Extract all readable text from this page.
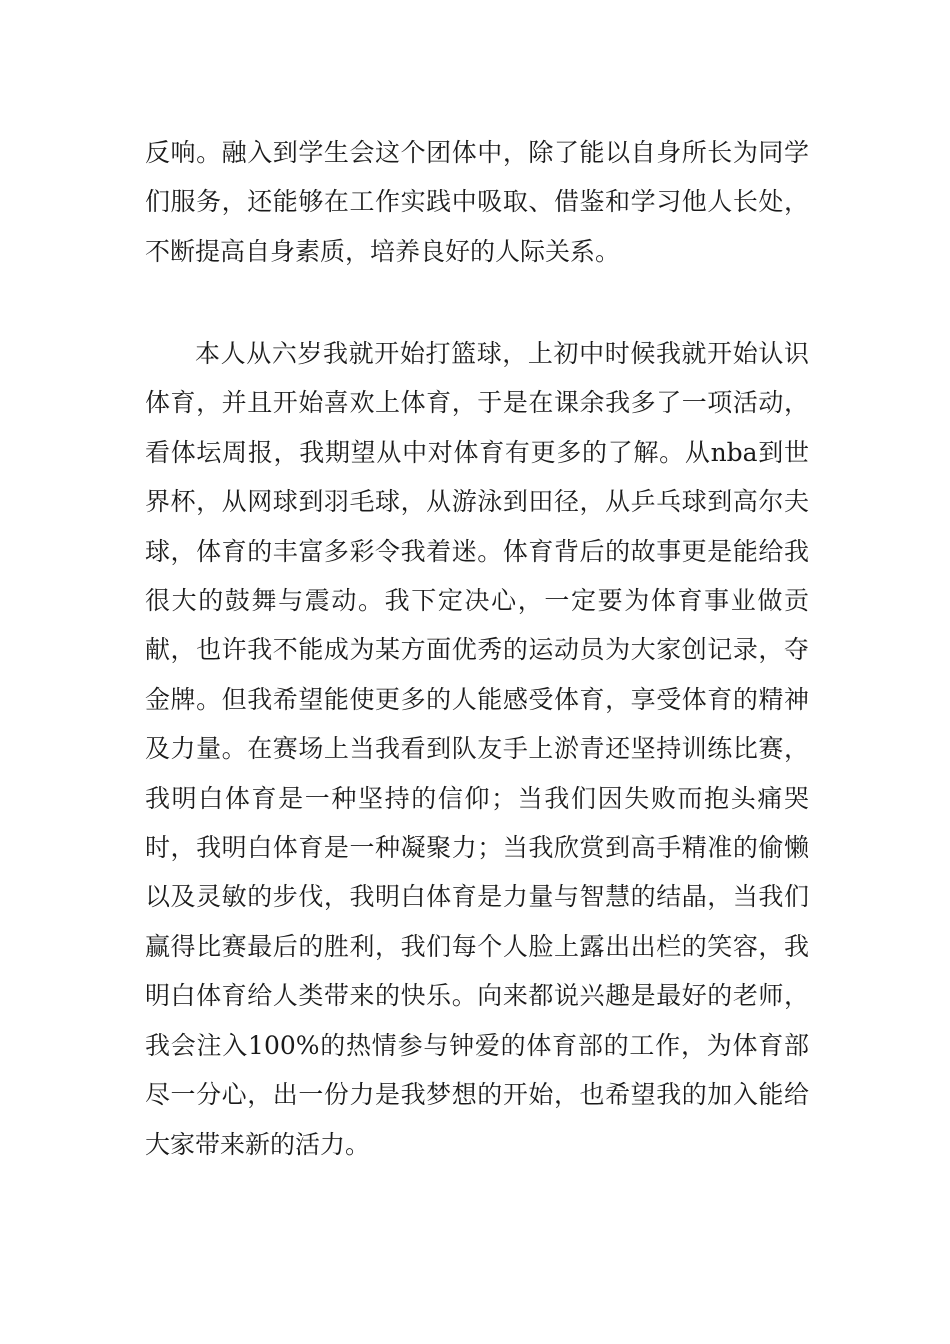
反响。融入到学生会这个团体中，除了能以自身所长为同学们服务，还能够在工作实践中吸取、借鉴和学习他人长处，不断提高自身素质，培养良好的人际关系。

本人从六岁我就开始打篮球，上初中时候我就开始认识体育，并且开始喜欢上体育，于是在课余我多了一项活动，看体坛周报，我期望从中对体育有更多的了解。从nba到世界杯，从网球到羽毛球，从游泳到田径，从乒乓球到高尔夫球，体育的丰富多彩令我着迷。体育背后的故事更是能给我很大的鼓舞与震动。我下定决心，一定要为体育事业做贡献，也许我不能成为某方面优秀的运动员为大家创记录，夺金牌。但我希望能使更多的人能感受体育，享受体育的精神及力量。在赛场上当我看到队友手上淤青还坚持训练比赛，我明白体育是一种坚持的信仰；当我们因失败而抱头痛哭时，我明白体育是一种凝聚力；当我欣赏到高手精准的偷懒以及灵敏的步伐，我明白体育是力量与智慧的结晶，当我们赢得比赛最后的胜利，我们每个人脸上露出出栏的笑容，我明白体育给人类带来的快乐。向来都说兴趣是最好的老师，我会注入100%的热情参与钟爱的体育部的工作，为体育部尽一分心，出一份力是我梦想的开始，也希望我的加入能给大家带来新的活力。
